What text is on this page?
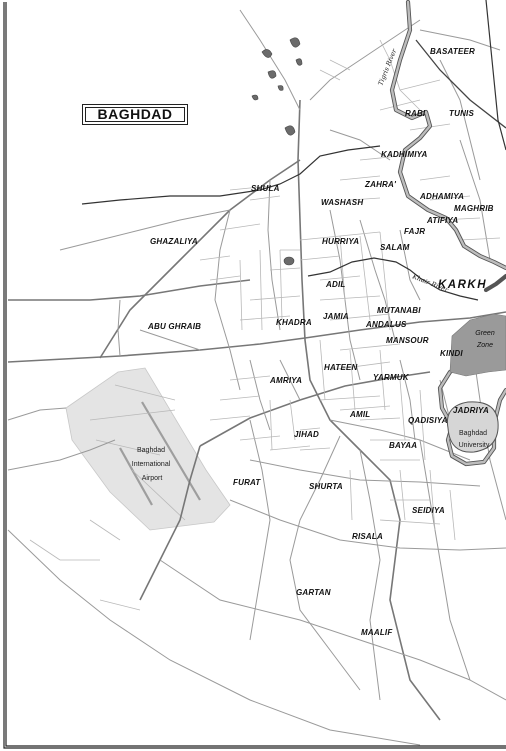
Green
BASATEER
RABI	TUNIS
KADHIMIYA
ZAHRA'
ADHAMIYA
MAGHRIB
WASHASH
ATIFIYA
FAJR
SHULA
HURRIYA
SALAM
GHAZALIYA
ADIL
MUTANABI
ABU GHRAIB	KHADRA
JAMIA
ANDALUS
MANSOUR
KINDI
HATEEN
YARMUK
AMRIYA
AMIL
QADISIYA
JADRIYA
JIHAD
BAYAA
FURAT	SHURTA
SEIDIYA
RISALA
GARTAN
MAALIF
KARKH
Tigris River
Khair River
Baghdad University
Baghdad International Airport
Zone
BAGHDAD
